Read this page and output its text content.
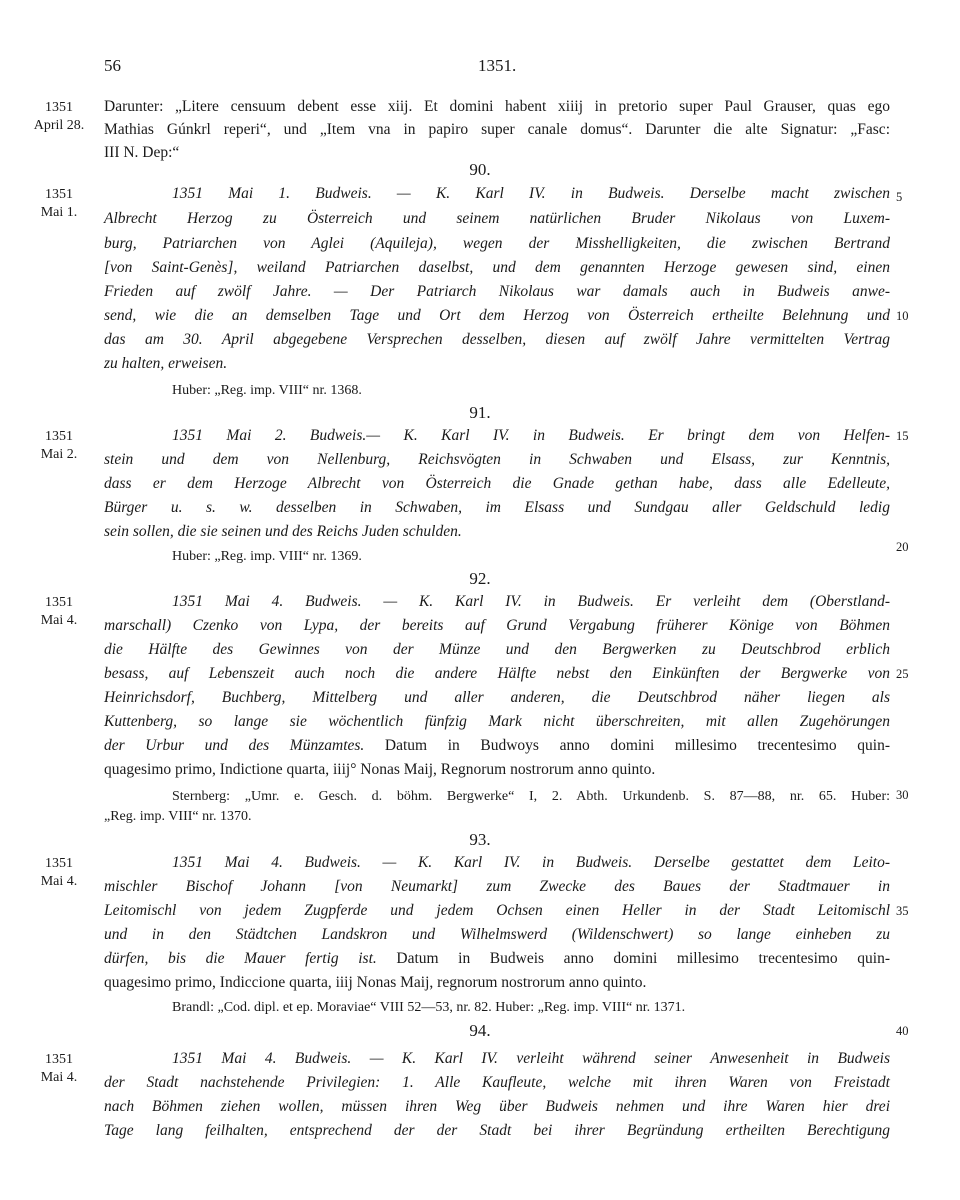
56	1351.
1351
April 28.
Darunter: „Litere censuum debent esse xiij. Et domini habent xiiij in pretorio super Paul Grauser, quas ego
Mathias Gúnkrl reperi“, und „Item vna in papiro super canale domus“. Darunter die alte Signatur: „Fasc:
III N. Dep:“
90.
1351
Mai 1.
1351 Mai 1. Budweis. — K. Karl IV. in Budweis. Derselbe macht zwischen
Albrecht Herzog zu Österreich und seinem natürlichen Bruder Nikolaus von Luxem-
burg, Patriarchen von Aglei (Aquileja), wegen der Misshelligkeiten, die zwischen Bertrand
[von Saint-Genès], weiland Patriarchen daselbst, und dem genannten Herzoge gewesen sind, einen
Frieden auf zwölf Jahre. — Der Patriarch Nikolaus war damals auch in Budweis anwe-
send, wie die an demselben Tage und Ort dem Herzog von Österreich ertheilte Belehnung und
das am 30. April abgegebene Versprechen desselben, diesen auf zwölf Jahre vermittelten Vertrag
zu halten, erweisen.
Huber: „Reg. imp. VIII“ nr. 1368.
91.
1351
Mai 2.
1351 Mai 2. Budweis.— K. Karl IV. in Budweis. Er bringt dem von Helfen-
stein und dem von Nellenburg, Reichsvögten in Schwaben und Elsass, zur Kenntnis,
dass er dem Herzoge Albrecht von Österreich die Gnade gethan habe, dass alle Edelleute,
Bürger u. s. w. desselben in Schwaben, im Elsass und Sundgau aller Geldschuld ledig
sein sollen, die sie seinen und des Reichs Juden schulden.
Huber: „Reg. imp. VIII“ nr. 1369.
92.
1351
Mai 4.
1351 Mai 4. Budweis. — K. Karl IV. in Budweis. Er verleiht dem (Oberstland-
marschall) Czenko von Lypa, der bereits auf Grund Vergabung früherer Könige von Böhmen
die Hälfte des Gewinnes von der Münze und den Bergwerken zu Deutschbrod erblich
besass, auf Lebenszeit auch noch die andere Hälfte nebst den Einkünften der Bergwerke von
Heinrichsdorf, Buchberg, Mittelberg und aller anderen, die Deutschbrod näher liegen als
Kuttenberg, so lange sie wöchentlich fünfzig Mark nicht überschreiten, mit allen Zugehörungen
der Urbur und des Münzamtes. Datum in Budwoys anno domini millesimo trecentesimo quin-
quagesimo primo, Indictione quarta, iiij° Nonas Maij, Regnorum nostrorum anno quinto.
Sternberg: „Umr. e. Gesch. d. böhm. Bergwerke“ I, 2. Abth. Urkundenb. S. 87—88, nr. 65. Huber:
„Reg. imp. VIII“ nr. 1370.
93.
1351
Mai 4.
1351 Mai 4. Budweis. — K. Karl IV. in Budweis. Derselbe gestattet dem Leito-
mischler Bischof Johann [von Neumarkt] zum Zwecke des Baues der Stadtmauer in
Leitomischl von jedem Zugpferde und jedem Ochsen einen Heller in der Stadt Leitomischl
und in den Städtchen Landskron und Wilhelmswerd (Wildenschwert) so lange einheben zu
dürfen, bis die Mauer fertig ist. Datum in Budweis anno domini millesimo trecentesimo quin-
quagesimo primo, Indiccione quarta, iiij Nonas Maij, regnorum nostrorum anno quinto.
Brandl: „Cod. dipl. et ep. Moraviae“ VIII 52—53, nr. 82. Huber: „Reg. imp. VIII“ nr. 1371.
94.
1351
Mai 4.
1351 Mai 4. Budweis. — K. Karl IV. verleiht während seiner Anwesenheit in Budweis
der Stadt nachstehende Privilegien: 1. Alle Kaufleute, welche mit ihren Waren von Freistadt
nach Böhmen ziehen wollen, müssen ihren Weg über Budweis nehmen und ihre Waren hier drei
Tage lang feilhalten, entsprechend der der Stadt bei ihrer Begründung ertheilten Berechtigung
5
10
15
20
25
30
35
40
